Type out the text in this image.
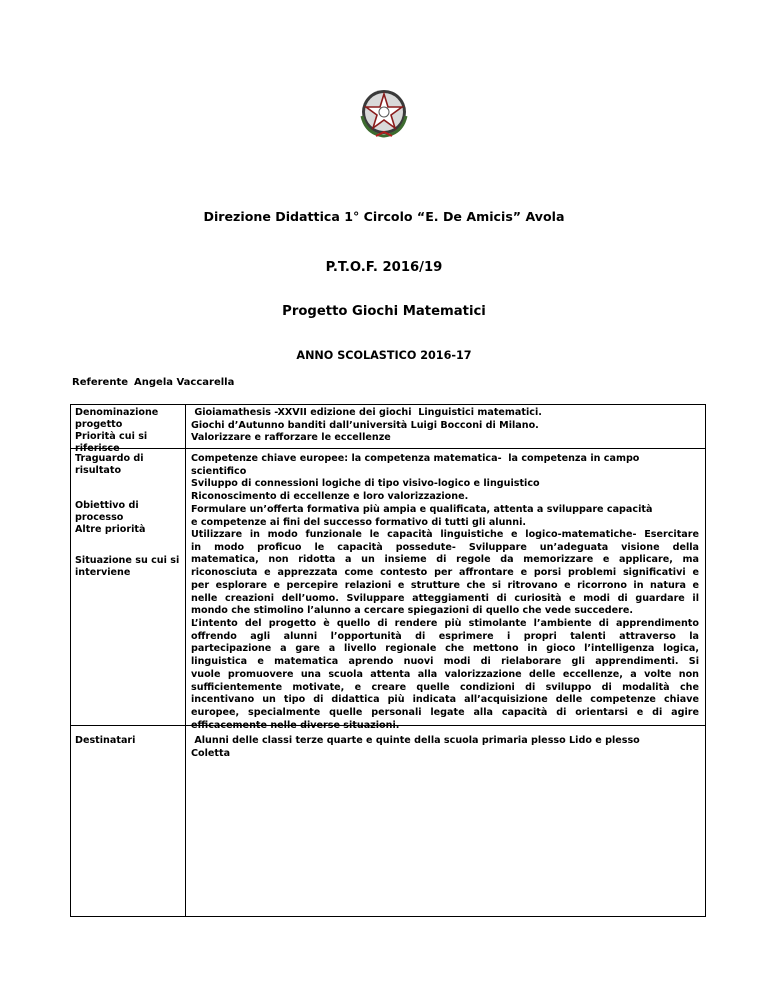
Direzione Didattica 1° Circolo “E. De Amicis” Avola
P.T.O.F. 2016/19
Progetto Giochi Matematici
ANNO SCOLASTICO 2016-17
Referente Angela Vaccarella
Denominazione progetto
Priorità cui si riferisce
Traguardo di risultato
Obiettivo di processo
Altre priorità
Situazione su cui si interviene
Destinatari
Gioiamathesis -XXVII edizione dei giochi  Linguistici matematici.
Giochi d’Autunno banditi dall’università Luigi Bocconi di Milano.
Valorizzare e rafforzare le eccellenze
Competenze chiave europee: la competenza matematica-  la competenza in campo
scientifico
Sviluppo di connessioni logiche di tipo visivo-logico e linguistico
Riconoscimento di eccellenze e loro valorizzazione.
Formulare un’offerta formativa più ampia e qualificata, attenta a sviluppare capacità
e competenze ai fini del successo formativo di tutti gli alunni.
Utilizzare in modo funzionale le capacità linguistiche e logico-matematiche- Esercitare
in modo proficuo le capacità possedute- Sviluppare un’adeguata visione della
matematica, non ridotta a un insieme di regole da memorizzare e applicare, ma
riconosciuta e apprezzata come contesto per affrontare e porsi problemi significativi e
per esplorare e percepire relazioni e strutture che si ritrovano e ricorrono in natura e
nelle creazioni dell’uomo. Sviluppare atteggiamenti di curiosità e modi di guardare il
mondo che stimolino l’alunno a cercare spiegazioni di quello che vede succedere.
L’intento del progetto è quello di rendere più stimolante l’ambiente di apprendimento
offrendo agli alunni l’opportunità di esprimere i propri talenti attraverso la
partecipazione a gare a livello regionale che mettono in gioco l’intelligenza logica,
linguistica e matematica aprendo nuovi modi di rielaborare gli apprendimenti. Si
vuole promuovere una scuola attenta alla valorizzazione delle eccellenze, a volte non
sufficientemente motivate, e creare quelle condizioni di sviluppo di modalità che
incentivano un tipo di didattica più indicata all’acquisizione delle competenze chiave
europee, specialmente quelle personali legate alla capacità di orientarsi e di agire
efficacemente nelle diverse situazioni.
Alunni delle classi terze quarte e quinte della scuola primaria plesso Lido e plesso
Coletta
